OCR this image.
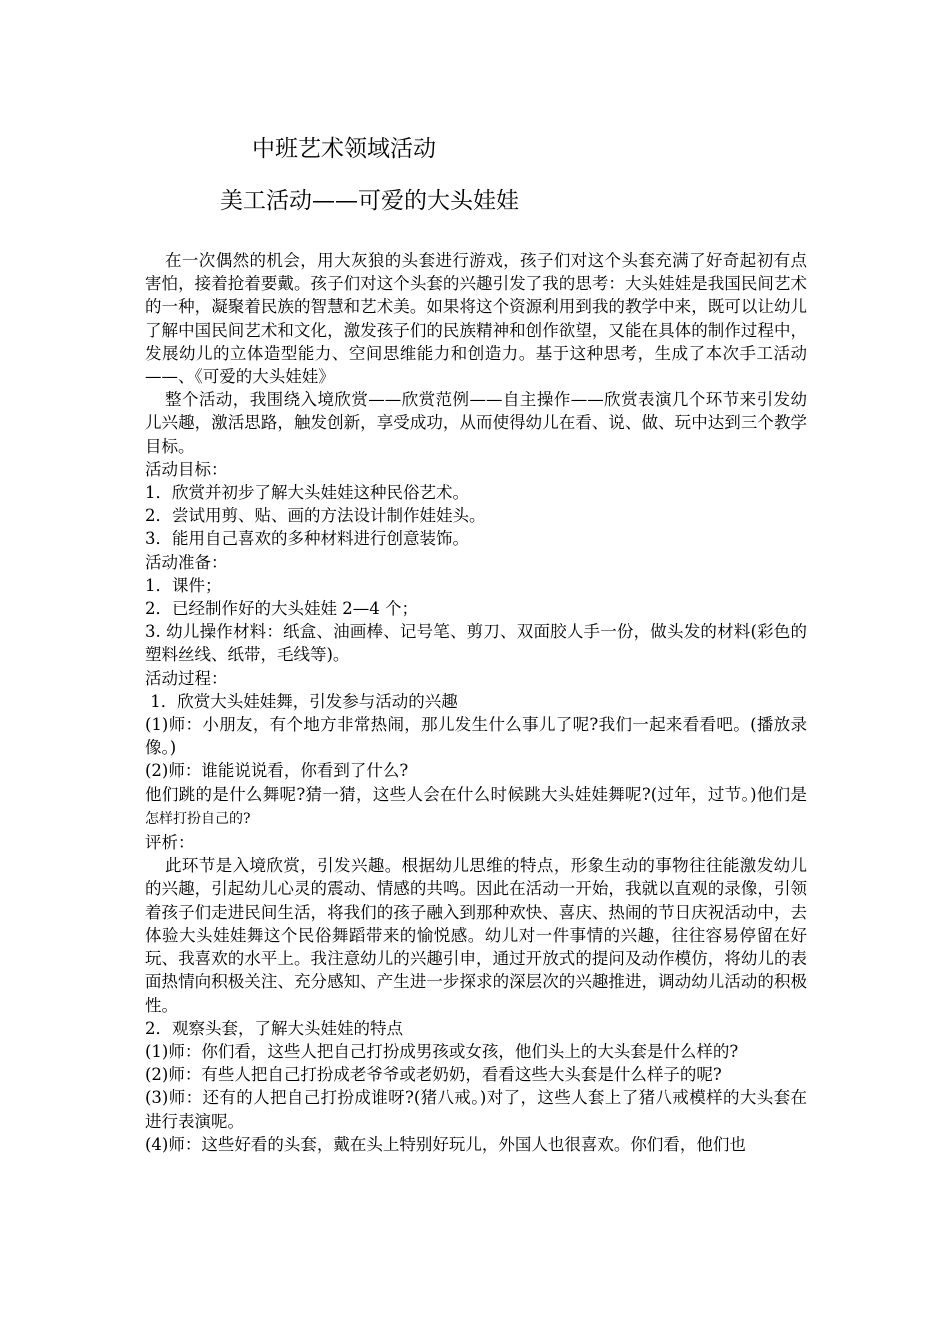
中班艺术领域活动
美工活动——可爱的大头娃娃

在一次偶然的机会，用大灰狼的头套进行游戏，孩子们对这个头套充满了好奇起初有点害怕，接着抢着要戴。孩子们对这个头套的兴趣引发了我的思考：大头娃娃是我国民间艺术的一种，凝聚着民族的智慧和艺术美。如果将这个资源利用到我的教学中来，既可以让幼儿了解中国民间艺术和文化，激发孩子们的民族精神和创作欲望，又能在具体的制作过程中，发展幼儿的立体造型能力、空间思维能力和创造力。基于这种思考，生成了本次手工活动——、《可爱的大头娃娃》

整个活动，我围绕入境欣赏——欣赏范例——自主操作——欣赏表演几个环节来引发幼儿兴趣，激活思路，触发创新，享受成功，从而使得幼儿在看、说、做、玩中达到三个教学目标。

活动目标：

1．欣赏并初步了解大头娃娃这种民俗艺术。

2．尝试用剪、贴、画的方法设计制作娃娃头。

3．能用自己喜欢的多种材料进行创意装饰。

活动准备：

1．课件；

2．已经制作好的大头娃娃 2—4 个；

3. 幼儿操作材料：纸盒、油画棒、记号笔、剪刀、双面胶人手一份，做头发的材料(彩色的塑料丝线、纸带，毛线等)。

活动过程：

1．欣赏大头娃娃舞，引发参与活动的兴趣

(1)师：小朋友，有个地方非常热闹，那儿发生什么事儿了呢?我们一起来看看吧。(播放录像。)

(2)师：谁能说说看，你看到了什么?

他们跳的是什么舞呢?猜一猜，这些人会在什么时候跳大头娃娃舞呢?(过年，过节。)他们是怎样打扮自己的?

评析：

此环节是入境欣赏，引发兴趣。根据幼儿思维的特点，形象生动的事物往往能激发幼儿的兴趣，引起幼儿心灵的震动、情感的共鸣。因此在活动一开始，我就以直观的录像，引领着孩子们走进民间生活，将我们的孩子融入到那种欢快、喜庆、热闹的节日庆祝活动中，去体验大头娃娃舞这个民俗舞蹈带来的愉悦感。幼儿对一件事情的兴趣，往往容易停留在好玩、我喜欢的水平上。我注意幼儿的兴趣引申，通过开放式的提问及动作模仿，将幼儿的表面热情向积极关注、充分感知、产生进一步探求的深层次的兴趣推进，调动幼儿活动的积极性。

2．观察头套，了解大头娃娃的特点

(1)师：你们看，这些人把自己打扮成男孩或女孩，他们头上的大头套是什么样的?

(2)师：有些人把自己打扮成老爷爷或老奶奶，看看这些大头套是什么样子的呢?

(3)师：还有的人把自己打扮成谁呀?(猪八戒。)对了，这些人套上了猪八戒模样的大头套在进行表演呢。

(4)师：这些好看的头套，戴在头上特别好玩儿，外国人也很喜欢。你们看，他们也
